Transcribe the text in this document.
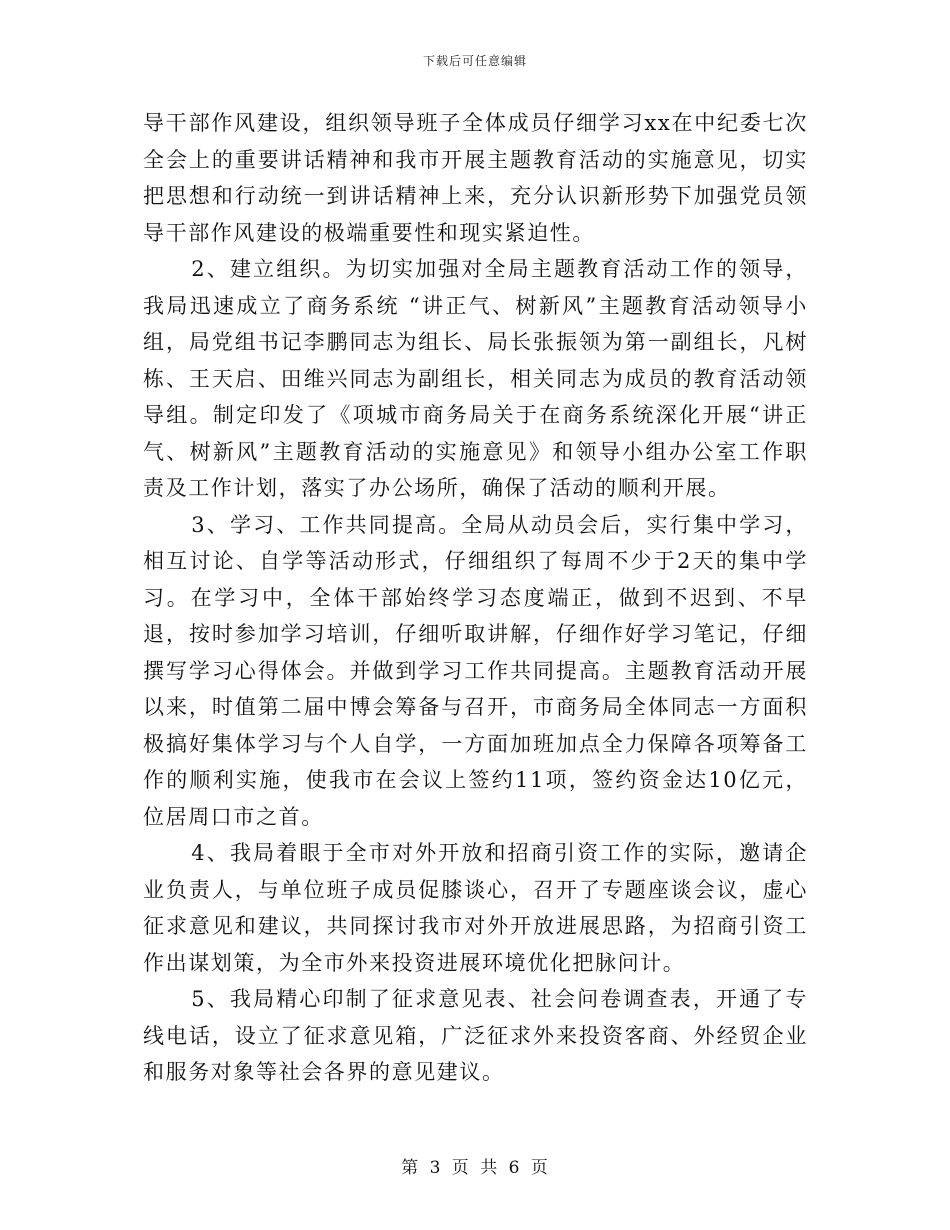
下载后可任意编辑

导干部作风建设，组织领导班子全体成员仔细学习xx在中纪委七次全会上的重要讲话精神和我市开展主题教育活动的实施意见，切实把思想和行动统一到讲话精神上来，充分认识新形势下加强党员领导干部作风建设的极端重要性和现实紧迫性。

2、建立组织。为切实加强对全局主题教育活动工作的领导，我局迅速成立了商务系统 “讲正气、树新风”主题教育活动领导小组，局党组书记李鹏同志为组长、局长张振领为第一副组长，凡树栋、王天启、田维兴同志为副组长，相关同志为成员的教育活动领导组。制定印发了《项城市商务局关于在商务系统深化开展“讲正气、树新风”主题教育活动的实施意见》和领导小组办公室工作职责及工作计划，落实了办公场所，确保了活动的顺利开展。

3、学习、工作共同提高。全局从动员会后，实行集中学习，相互讨论、自学等活动形式，仔细组织了每周不少于2天的集中学习。在学习中，全体干部始终学习态度端正，做到不迟到、不早退，按时参加学习培训，仔细听取讲解，仔细作好学习笔记，仔细撰写学习心得体会。并做到学习工作共同提高。主题教育活动开展以来，时值第二届中博会筹备与召开，市商务局全体同志一方面积极搞好集体学习与个人自学，一方面加班加点全力保障各项筹备工作的顺利实施，使我市在会议上签约11项，签约资金达10亿元，位居周口市之首。

4、我局着眼于全市对外开放和招商引资工作的实际，邀请企业负责人，与单位班子成员促膝谈心，召开了专题座谈会议，虚心征求意见和建议，共同探讨我市对外开放进展思路，为招商引资工作出谋划策，为全市外来投资进展环境优化把脉问计。

5、我局精心印制了征求意见表、社会问卷调查表，开通了专线电话，设立了征求意见箱，广泛征求外来投资客商、外经贸企业和服务对象等社会各界的意见建议。

第 3 页 共 6 页
